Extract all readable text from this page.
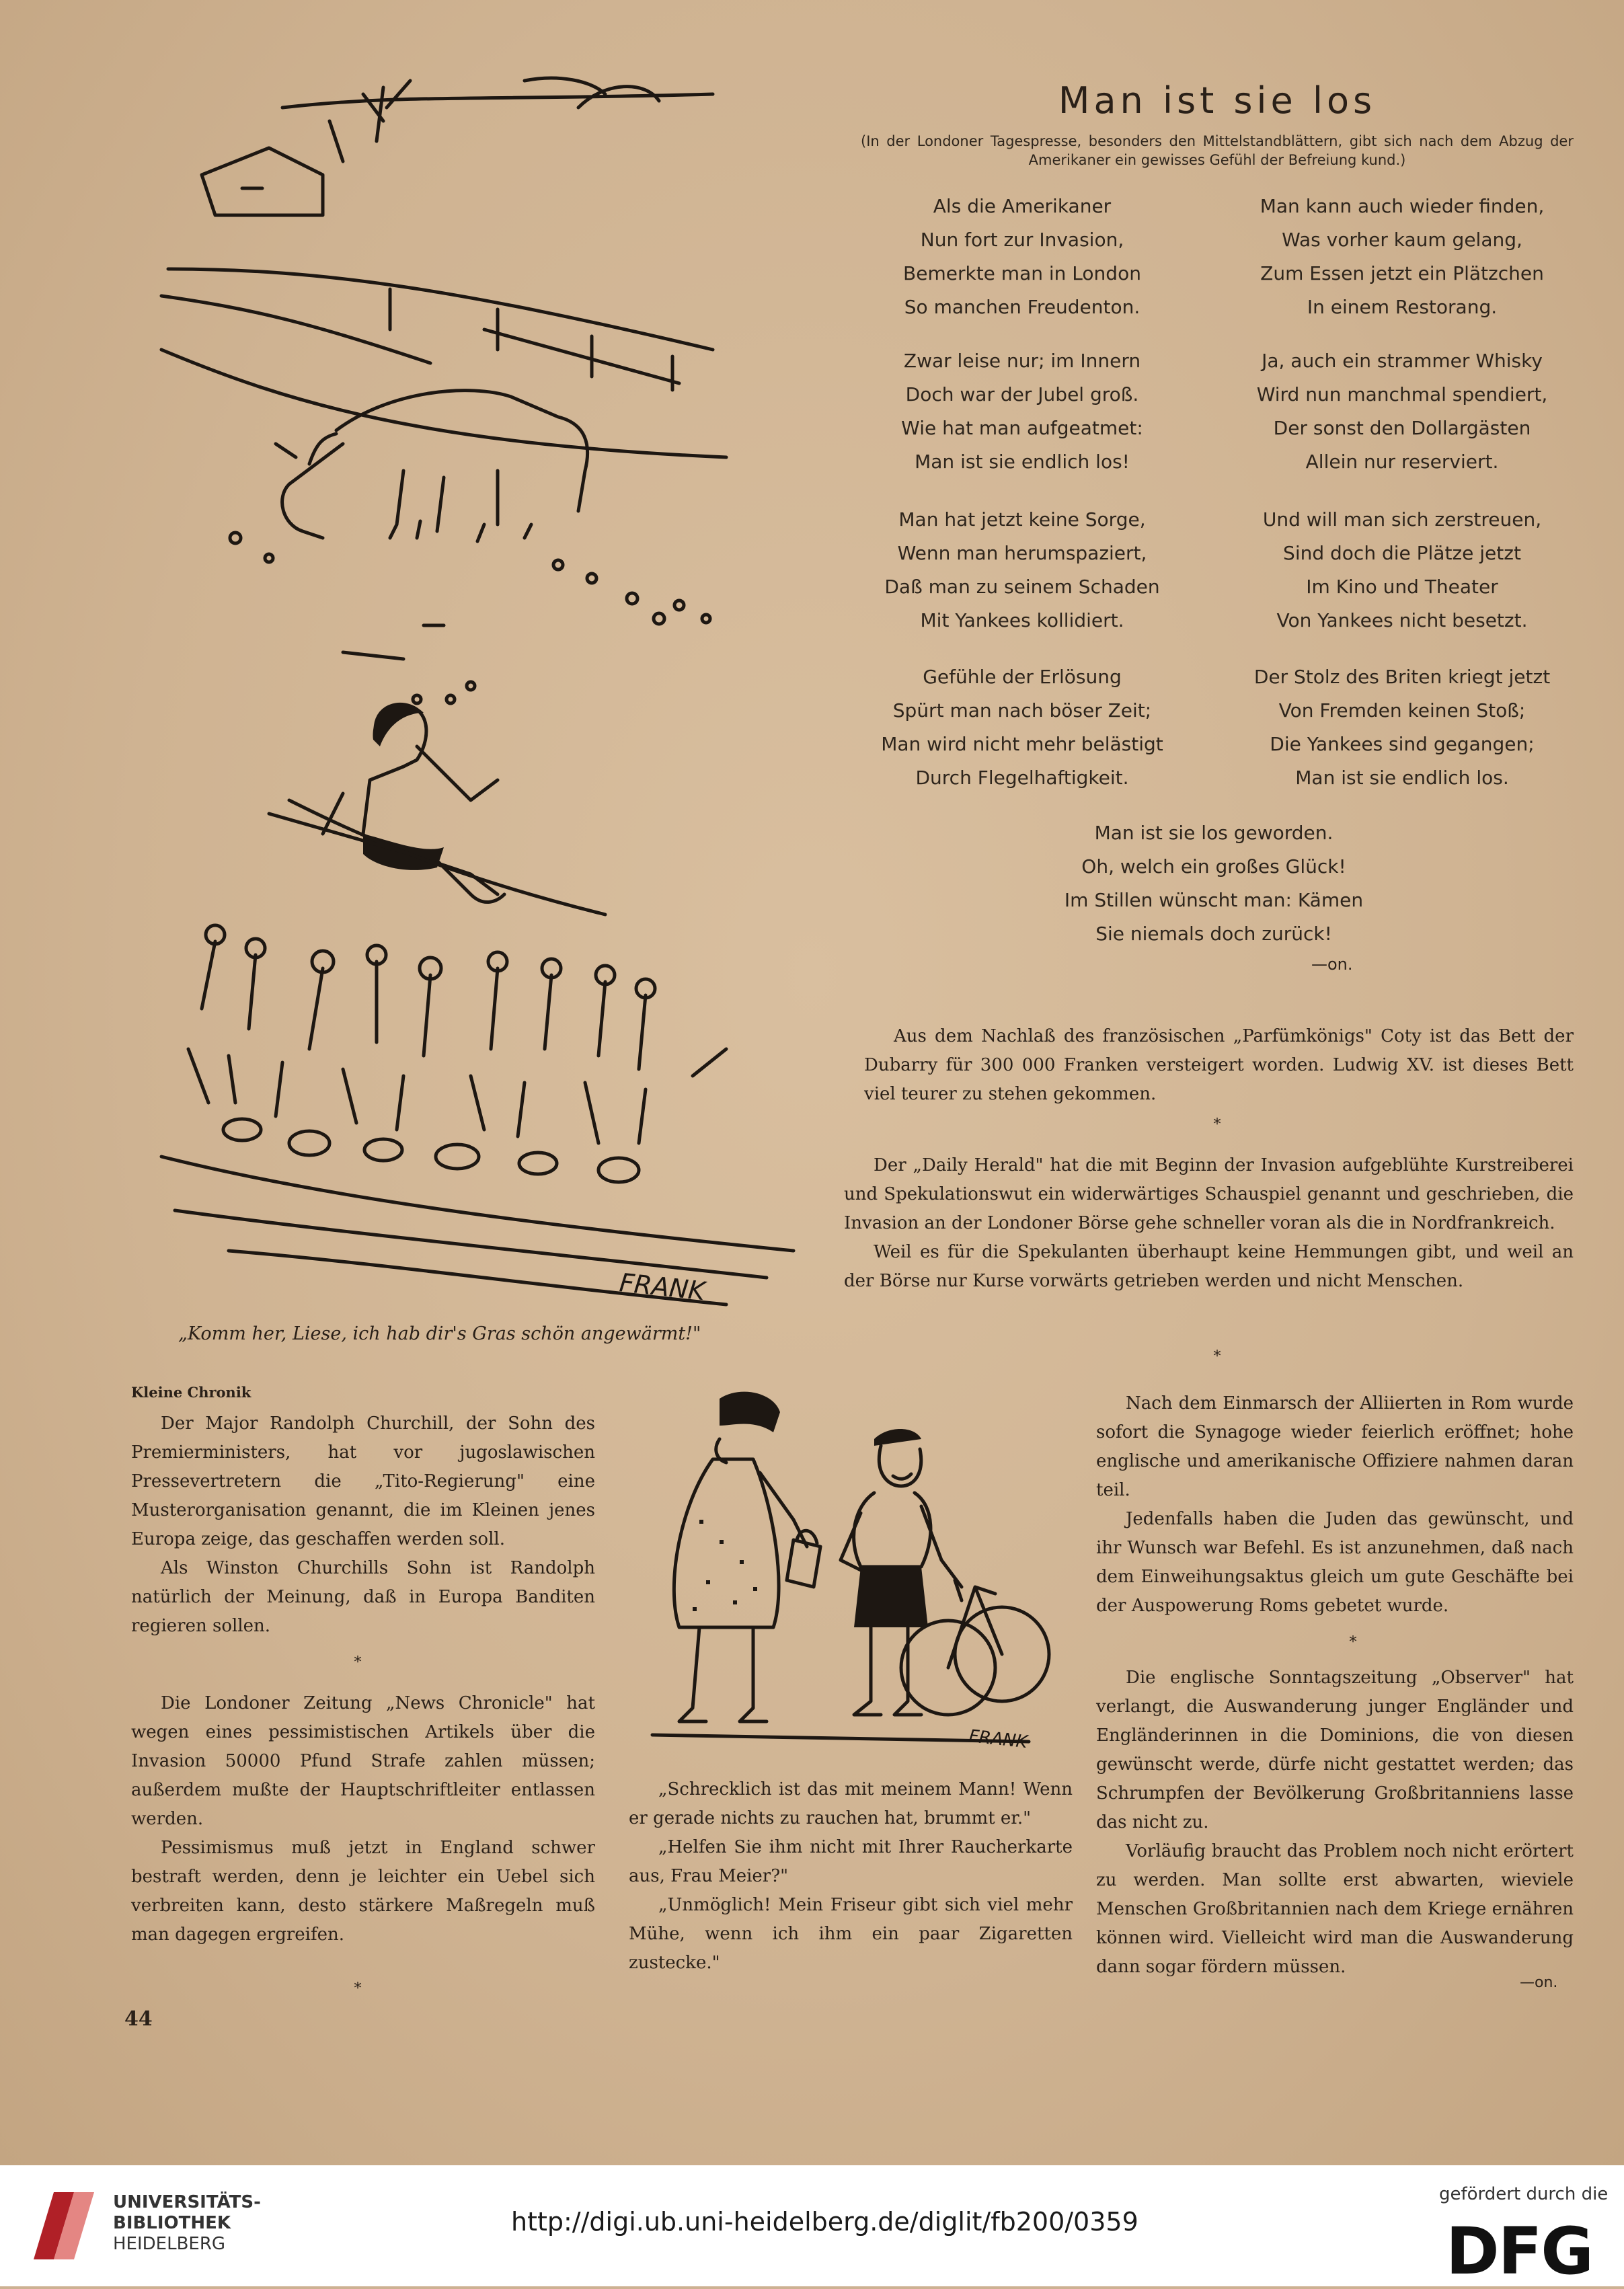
FRANK
„Komm her, Liese, ich hab dir's Gras schön angewärmt!"
Man ist sie los
(In der Londoner Tagespresse, besonders den Mittelstandblättern, gibt sich nach dem Abzug der Amerikaner ein gewisses Gefühl der Befreiung kund.)
Als die Amerikaner
Nun fort zur Invasion,
Bemerkte man in London
So manchen Freudenton.
Zwar leise nur; im Innern
Doch war der Jubel groß.
Wie hat man aufgeatmet:
Man ist sie endlich los!
Man hat jetzt keine Sorge,
Wenn man herumspaziert,
Daß man zu seinem Schaden
Mit Yankees kollidiert.
Gefühle der Erlösung
Spürt man nach böser Zeit;
Man wird nicht mehr belästigt
Durch Flegelhaftigkeit.
Man kann auch wieder finden,
Was vorher kaum gelang,
Zum Essen jetzt ein Plätzchen
In einem Restorang.
Ja, auch ein strammer Whisky
Wird nun manchmal spendiert,
Der sonst den Dollargästen
Allein nur reserviert.
Und will man sich zerstreuen,
Sind doch die Plätze jetzt
Im Kino und Theater
Von Yankees nicht besetzt.
Der Stolz des Briten kriegt jetzt
Von Fremden keinen Stoß;
Die Yankees sind gegangen;
Man ist sie endlich los.
Man ist sie los geworden.
Oh, welch ein großes Glück!
Im Stillen wünscht man: Kämen
Sie niemals doch zurück!
—on.

Aus dem Nachlaß des französischen „Parfümkönigs" Coty ist das Bett der Dubarry für 300 000 Franken versteigert worden. Ludwig XV. ist dieses Bett viel teurer zu stehen gekommen.

*

Der „Daily Herald" hat die mit Beginn der Invasion aufgeblühte Kurstreiberei und Spekulationswut ein widerwärtiges Schauspiel genannt und geschrieben, die Invasion an der Londoner Börse gehe schneller voran als die in Nordfrankreich.

Weil es für die Spekulanten überhaupt keine Hemmungen gibt, und weil an der Börse nur Kurse vorwärts getrieben werden und nicht Menschen.

*
Kleine Chronik

Der Major Randolph Churchill, der Sohn des Premierministers, hat vor jugoslawischen Pressevertretern die „Tito-Regierung" eine Musterorganisation genannt, die im Kleinen jenes Europa zeige, das geschaffen werden soll.

Als Winston Churchills Sohn ist Randolph natürlich der Meinung, daß in Europa Banditen regieren sollen.

*

Die Londoner Zeitung „News Chronicle" hat wegen eines pessimistischen Artikels über die Invasion 50000 Pfund Strafe zahlen müssen; außerdem mußte der Hauptschriftleiter entlassen werden.

Pessimismus muß jetzt in England schwer bestraft werden, denn je leichter ein Uebel sich verbreiten kann, desto stärkere Maßregeln muß man dagegen ergreifen.

*
FRANK

„Schrecklich ist das mit meinem Mann! Wenn er gerade nichts zu rauchen hat, brummt er."

„Helfen Sie ihm nicht mit Ihrer Raucherkarte aus, Frau Meier?"

„Unmöglich! Mein Friseur gibt sich viel mehr Mühe, wenn ich ihm ein paar Zigaretten zustecke."

Nach dem Einmarsch der Alliierten in Rom wurde sofort die Synagoge wieder feierlich eröffnet; hohe englische und amerikanische Offiziere nahmen daran teil.

Jedenfalls haben die Juden das gewünscht, und ihr Wunsch war Befehl. Es ist anzunehmen, daß nach dem Einweihungsaktus gleich um gute Geschäfte bei der Auspowerung Roms gebetet wurde.

*

Die englische Sonntagszeitung „Observer" hat verlangt, die Auswanderung junger Engländer und Engländerinnen in die Dominions, die von diesen gewünscht werde, dürfe nicht gestattet werden; das Schrumpfen der Bevölkerung Großbritanniens lasse das nicht zu.

Vorläufig braucht das Problem noch nicht erörtert zu werden. Man sollte erst abwarten, wieviele Menschen Großbritannien nach dem Kriege ernähren können wird. Vielleicht wird man die Auswanderung dann sogar fördern müssen.

—on.
44
UNIVERSITÄTS-
BIBLIOTHEK
HEIDELBERG
http://digi.ub.uni-heidelberg.de/diglit/fb200/0359
gefördert durch die
DFG
